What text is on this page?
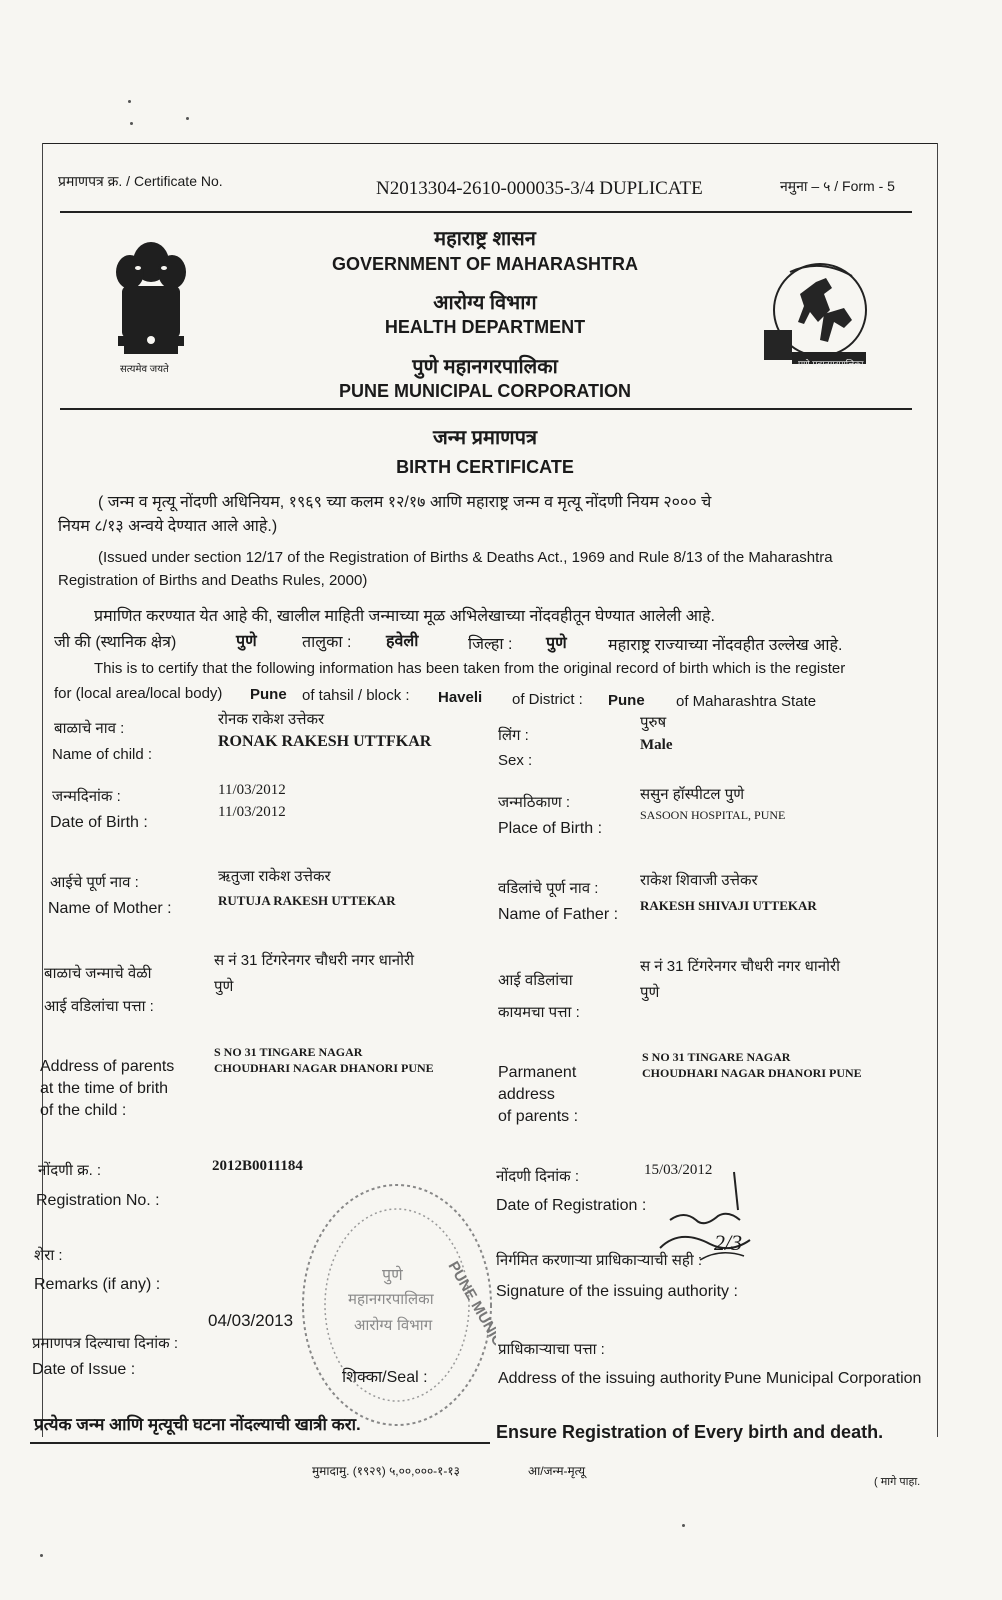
प्रमाणपत्र क्र. / Certificate No.	N2013304-2610-000035-3/4 DUPLICATE	नमुना – ५ / Form - 5
सत्यमेव जयते	पुणे महानगरपालिका
महाराष्ट्र शासन
GOVERNMENT OF MAHARASHTRA
आरोग्य विभाग
HEALTH DEPARTMENT
पुणे महानगरपालिका
PUNE MUNICIPAL CORPORATION
जन्म प्रमाणपत्र
BIRTH CERTIFICATE
( जन्म व मृत्यू नोंदणी अधिनियम, १९६९ च्या कलम १२/१७ आणि महाराष्ट्र जन्म व मृत्यू नोंदणी नियम २००० चे
नियम ८/१३ अन्वये देण्यात आले आहे.)
(Issued under section 12/17 of the Registration of Births & Deaths Act., 1969 and Rule 8/13 of the Maharashtra
Registration of Births and Deaths Rules, 2000)
प्रमाणित करण्यात येत आहे की, खालील माहिती जन्माच्या मूळ अभिलेखाच्या नोंदवहीतून घेण्यात आलेली आहे.
जी की (स्थानिक क्षेत्र)	पुणे	तालुका : हवेली	जिल्हा : पुणे	महाराष्ट्र राज्याच्या नोंदवहीत उल्लेख आहे.
This is to certify that the following information has been taken from the original record of birth which is the register
for (local area/local body) Pune of tahsil / block : Haveli of District : Pune of Maharashtra State
बाळाचे नाव :
Name of child :
रोनक राकेश उत्तेकर
RONAK RAKESH UTTFKAR	लिंग :
Sex :
पुरुष
Male
जन्मदिनांक :
Date of Birth :
11/03/2012
11/03/2012
जन्मठिकाण :
Place of Birth :
ससुन हॉस्पीटल पुणे
SASOON HOSPITAL, PUNE
आईचे पूर्ण नाव :
Name of Mother :
ऋतुजा राकेश उत्तेकर
RUTUJA RAKESH UTTEKAR
वडिलांचे पूर्ण नाव :
Name of Father :
राकेश शिवाजी उत्तेकर
RAKESH SHIVAJI UTTEKAR
बाळाचे जन्माचे वेळी
आई वडिलांचा पत्ता :
स नं 31 टिंगरेनगर चौधरी नगर धानोरी
पुणे	आई वडिलांचा
कायमचा पत्ता :
स नं 31 टिंगरेनगर चौधरी नगर धानोरी
पुणे
Address of parents
at the time of brith
of the child :
S NO 31 TINGARE NAGAR
CHOUDHARI NAGAR DHANORI PUNE	Parmanent
address
of parents :
S NO 31 TINGARE NAGAR
CHOUDHARI NAGAR DHANORI PUNE
नोंदणी क्र. :
Registration No. :
2012B0011184
नोंदणी दिनांक :
Date of Registration :
15/03/2012
शेरा :
Remarks (if any) :
निर्गमित करणाऱ्या प्राधिकाऱ्याची सही :
Signature of the issuing authority :
2/3
प्रमाणपत्र दिल्याचा दिनांक :
Date of Issue :
04/03/2013
शिक्का/Seal :
प्राधिकाऱ्याचा पत्ता :
Address of the issuing authority :
Pune Municipal Corporation
PUNE MUNICIPAL
पुणे
महानगरपालिका
आरोग्य विभाग
प्रत्येक जन्म आणि मृत्यूची घटना नोंदल्याची खात्री करा.	Ensure Registration of Every birth and death.
मुमादामु. (१९२९) ५,००,०००-१-१३	आ/जन्म-मृत्यू
( मागे पाहा.
